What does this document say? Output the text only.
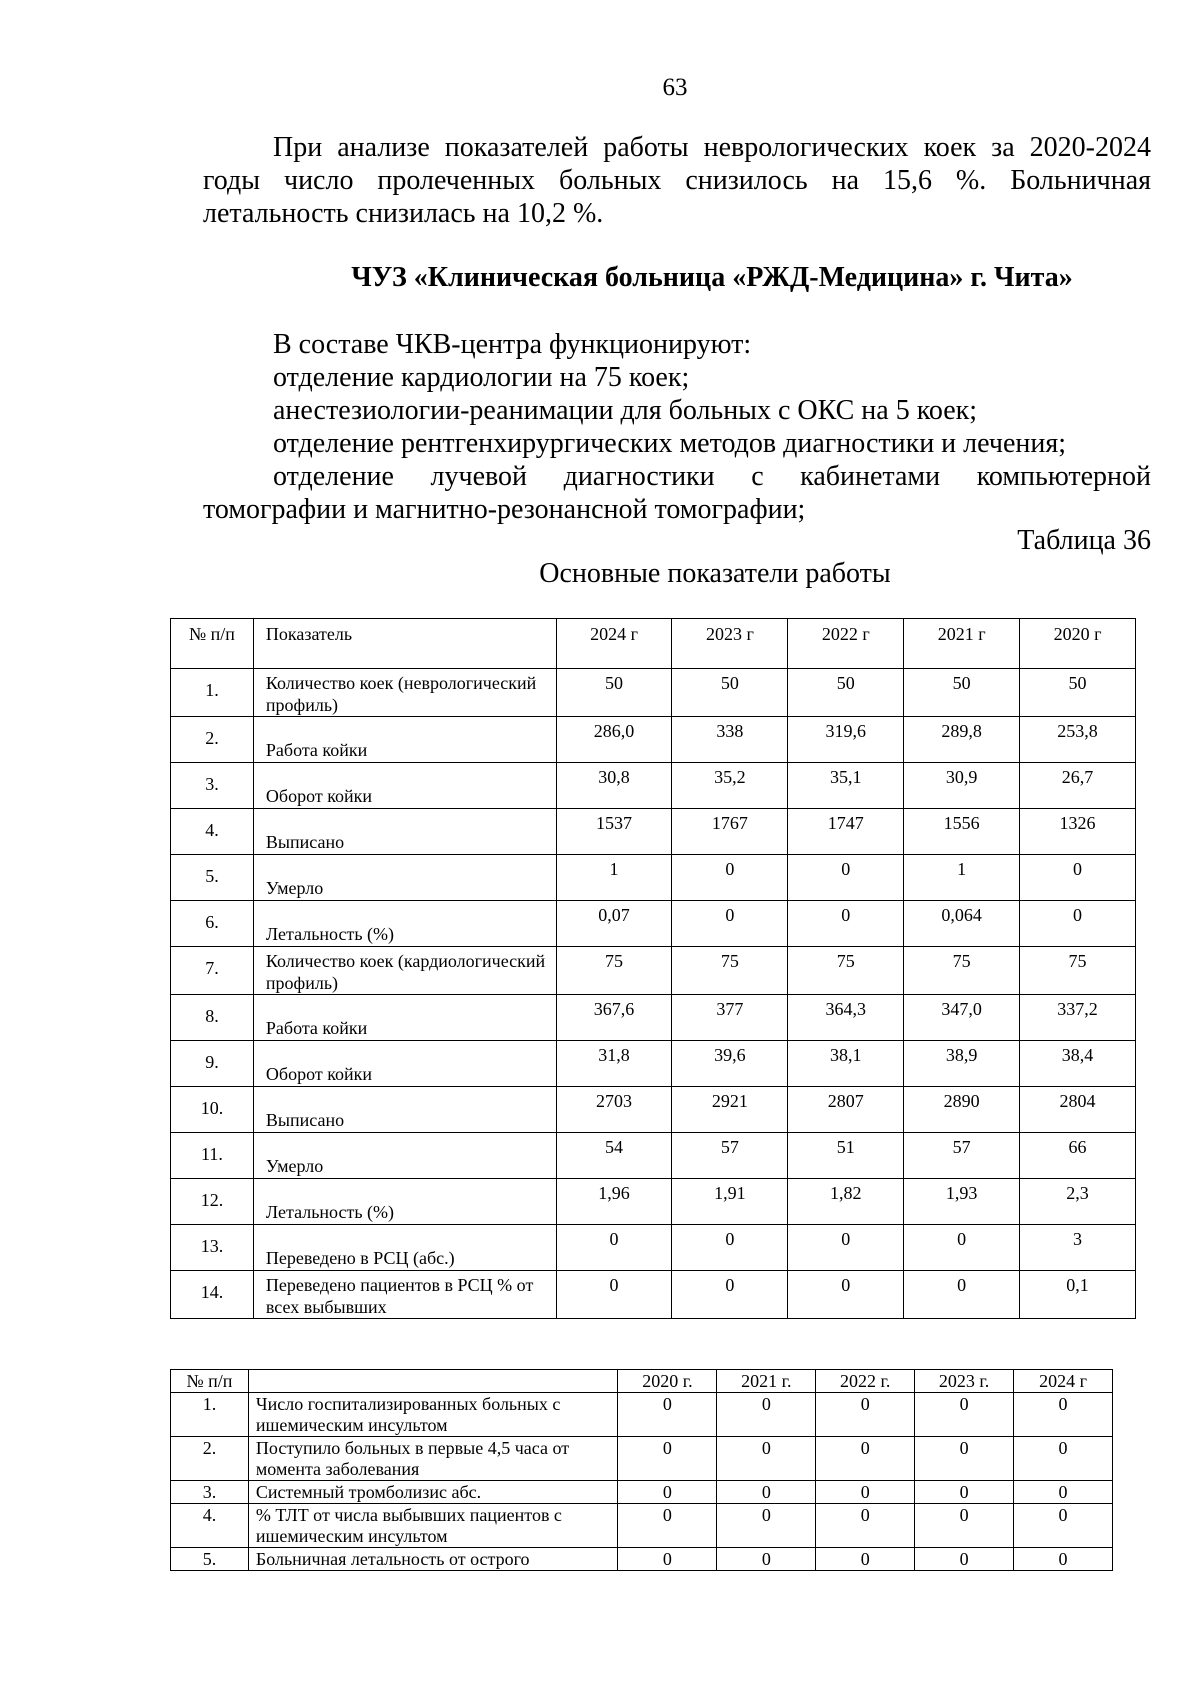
63
При анализе показателей работы неврологических коек за 2020-2024 годы число пролеченных больных снизилось на 15,6 %. Больничная летальность снизилась на 10,2 %.
ЧУЗ «Клиническая больница «РЖД-Медицина» г. Чита»
В составе ЧКВ-центра функционируют:
отделение кардиологии на 75 коек;
анестезиологии-реанимации для больных с ОКС на 5 коек;
отделение рентгенхирургических методов диагностики и лечения;
отделение лучевой диагностики с кабинетами компьютерной
томографии и магнитно-резонансной томографии;
Таблица 36
Основные показатели работы
№ п/п	Показатель	2024 г	2023 г	2022 г	2021 г	2020 г
1.	Количество коек (неврологический профиль)	50	50	50	50	50
2.	Работа койки	286,0	338	319,6	289,8	253,8
3.	Оборот койки	30,8	35,2	35,1	30,9	26,7
4.	Выписано	1537	1767	1747	1556	1326
5.	Умерло	1	0	0	1	0
6.	Летальность (%)	0,07	0	0	0,064	0
7.	Количество коек (кардиологический профиль)	75	75	75	75	75
8.	Работа койки	367,6	377	364,3	347,0	337,2
9.	Оборот койки	31,8	39,6	38,1	38,9	38,4
10.	Выписано	2703	2921	2807	2890	2804
11.	Умерло	54	57	51	57	66
12.	Летальность (%)	1,96	1,91	1,82	1,93	2,3
13.	Переведено в РСЦ (абс.)	0	0	0	0	3
14.	Переведено пациентов в РСЦ % от всех выбывших	0	0	0	0	0,1
№ п/п		2020 г.	2021 г.	2022 г.	2023 г.	2024 г
1.	Число госпитализированных больных с ишемическим инсультом	0	0	0	0	0
2.	Поступило больных в первые 4,5 часа от момента заболевания	0	0	0	0	0
3.	Системный тромболизис абс.	0	0	0	0	0
4.	% ТЛТ от числа выбывших пациентов с ишемическим инсультом	0	0	0	0	0
5.	Больничная летальность от острого	0	0	0	0	0
